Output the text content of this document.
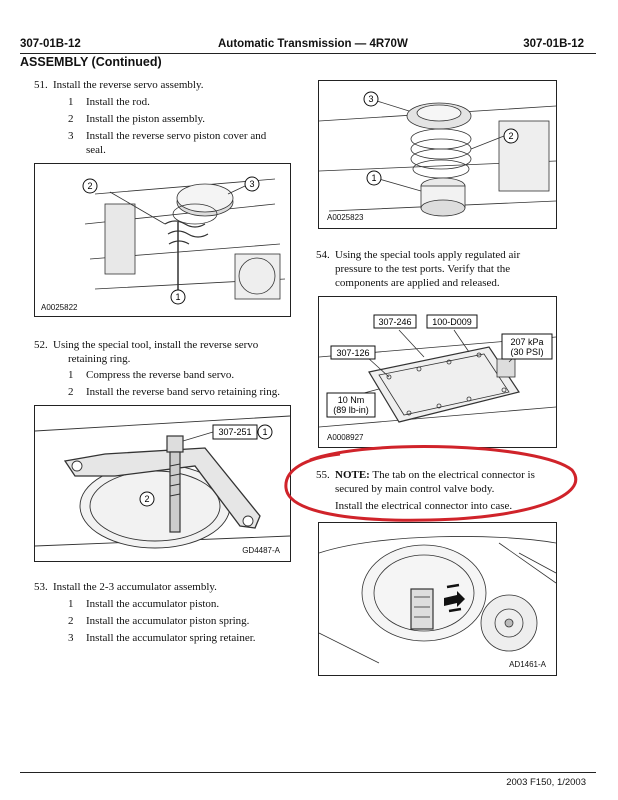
307-01B-12	Automatic Transmission — 4R70W	307-01B-12
ASSEMBLY (Continued)
51. Install the reverse servo assembly.
1 Install the rod.
2 Install the piston assembly.
3 Install the reverse servo piston cover and
seal.
2	3
1
A0025822
52. Using the special tool, install the reverse servo
retaining ring.
1 Compress the reverse band servo.
2 Install the reverse band servo retaining ring.
307-251 1
2
GD4487-A
53. Install the 2-3 accumulator assembly.
1 Install the accumulator piston.
2 Install the accumulator piston spring.
3 Install the accumulator spring retainer.
3
2
1
A0025823
54. Using the special tools apply regulated air
pressure to the test ports. Verify that the
components are applied and released.
307-246 100-D009
307-126
207 kPa
(30 PSI)
10 Nm
(89 lb-in)
A0008927
55. NOTE: The tab on the electrical connector is
secured by main control valve body.
Install the electrical connector into case.
AD1461-A
2003 F150, 1/2003
